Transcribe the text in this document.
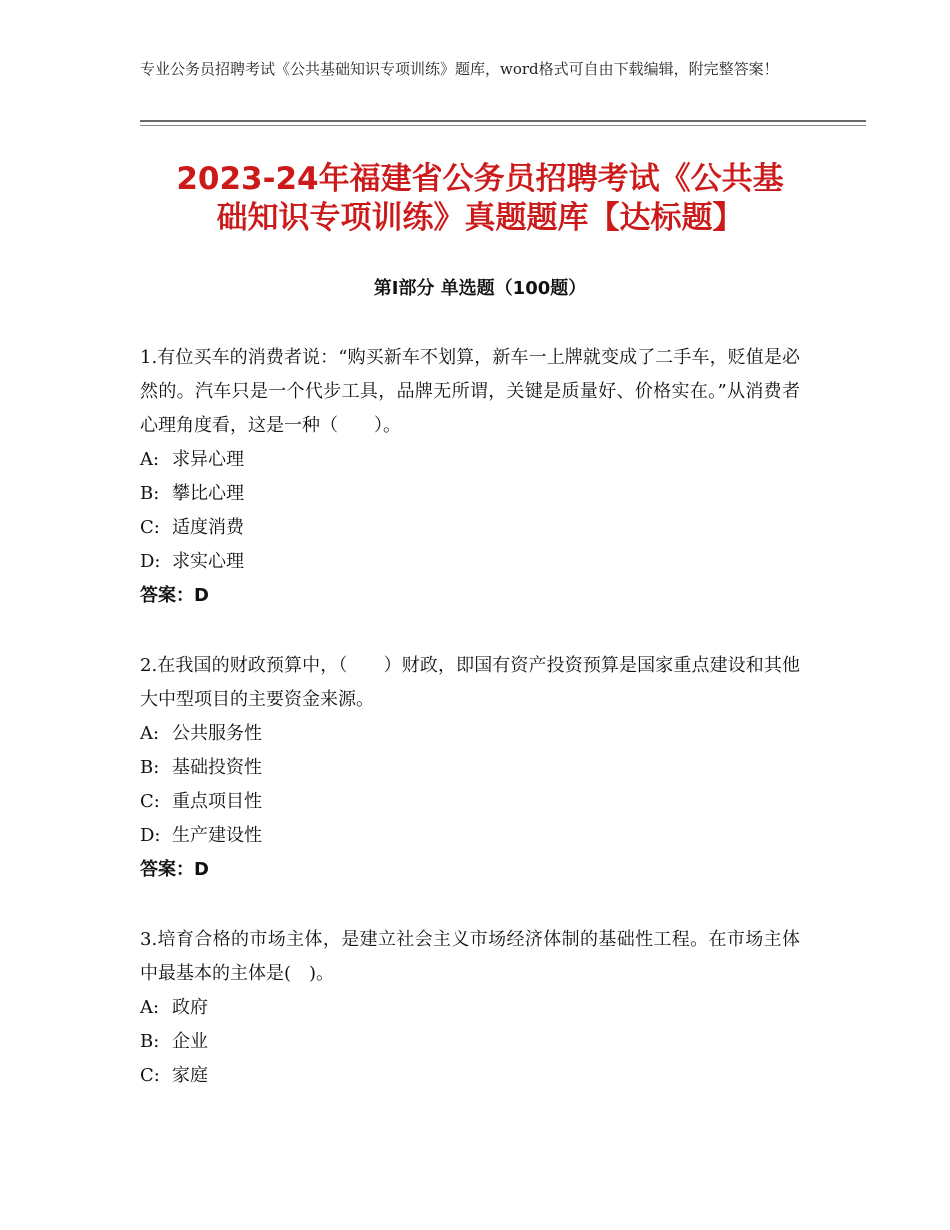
专业公务员招聘考试《公共基础知识专项训练》题库，word格式可自由下载编辑，附完整答案！
2023-24年福建省公务员招聘考试《公共基
础知识专项训练》真题题库【达标题】
第Ⅰ部分 单选题（100题）
1.有位买车的消费者说：“购买新车不划算，新车一上牌就变成了二手车，贬值是必然的。汽车只是一个代步工具，品牌无所谓，关键是质量好、价格实在。”从消费者心理角度看，这是一种（　　）。
A: 求异心理
B: 攀比心理
C: 适度消费
D: 求实心理
答案：D
2.在我国的财政预算中，（　　）财政，即国有资产投资预算是国家重点建设和其他大中型项目的主要资金来源。
A: 公共服务性
B: 基础投资性
C: 重点项目性
D: 生产建设性
答案：D
3.培育合格的市场主体，是建立社会主义市场经济体制的基础性工程。在市场主体中最基本的主体是(　)。
A: 政府
B: 企业
C: 家庭
